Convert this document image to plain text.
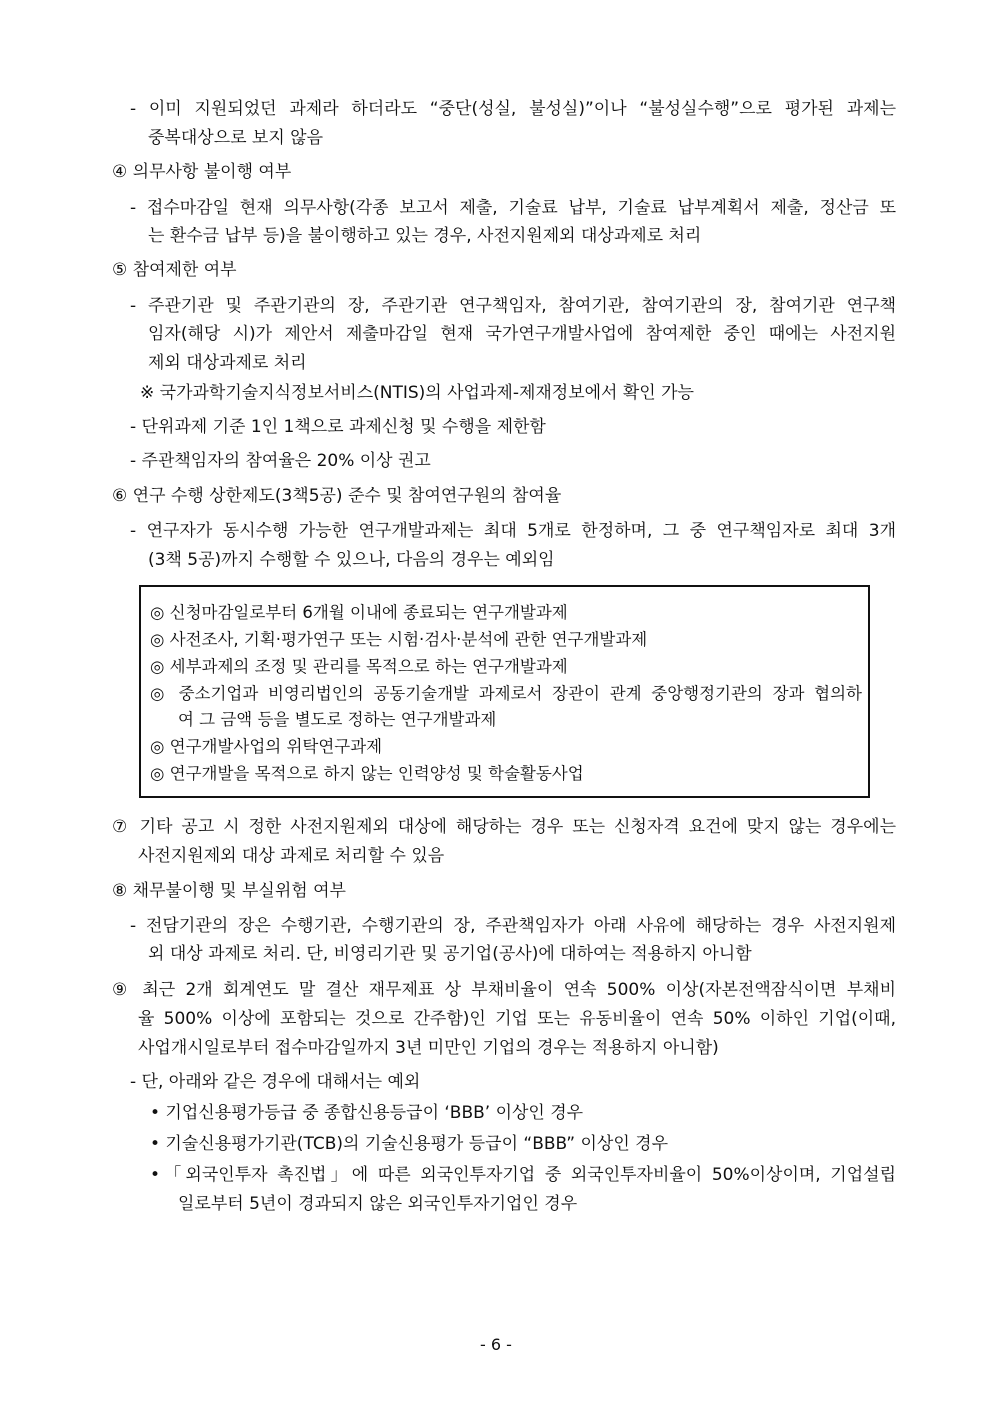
- 이미 지원되었던 과제라 하더라도 “중단(성실, 불성실)”이나 “불성실수행”으로 평가된 과제는
중복대상으로 보지 않음
④ 의무사항 불이행 여부
- 접수마감일 현재 의무사항(각종 보고서 제출, 기술료 납부, 기술료 납부계획서 제출, 정산금 또
는 환수금 납부 등)을 불이행하고 있는 경우, 사전지원제외 대상과제로 처리
⑤ 참여제한 여부
- 주관기관 및 주관기관의 장, 주관기관 연구책임자, 참여기관, 참여기관의 장, 참여기관 연구책
임자(해당 시)가 제안서 제출마감일 현재 국가연구개발사업에 참여제한 중인 때에는 사전지원
제외 대상과제로 처리
※ 국가과학기술지식정보서비스(NTIS)의 사업과제-제재정보에서 확인 가능
- 단위과제 기준 1인 1책으로 과제신청 및 수행을 제한함
- 주관책임자의 참여율은 20% 이상 권고
⑥ 연구 수행 상한제도(3책5공) 준수 및 참여연구원의 참여율
- 연구자가 동시수행 가능한 연구개발과제는 최대 5개로 한정하며, 그 중 연구책임자로 최대 3개
(3책 5공)까지 수행할 수 있으나, 다음의 경우는 예외임
◎ 신청마감일로부터 6개월 이내에 종료되는 연구개발과제
◎ 사전조사, 기획·평가연구 또는 시험·검사·분석에 관한 연구개발과제
◎ 세부과제의 조정 및 관리를 목적으로 하는 연구개발과제
◎ 중소기업과 비영리법인의 공동기술개발 과제로서 장관이 관계 중앙행정기관의 장과 협의하
여 그 금액 등을 별도로 정하는 연구개발과제
◎ 연구개발사업의 위탁연구과제
◎ 연구개발을 목적으로 하지 않는 인력양성 및 학술활동사업
⑦ 기타 공고 시 정한 사전지원제외 대상에 해당하는 경우 또는 신청자격 요건에 맞지 않는 경우에는
사전지원제외 대상 과제로 처리할 수 있음
⑧ 채무불이행 및 부실위험 여부
- 전담기관의 장은 수행기관, 수행기관의 장, 주관책임자가 아래 사유에 해당하는 경우 사전지원제
외 대상 과제로 처리. 단, 비영리기관 및 공기업(공사)에 대하여는 적용하지 아니함
⑨ 최근 2개 회계연도 말 결산 재무제표 상 부채비율이 연속 500% 이상(자본전액잠식이면 부채비
율 500% 이상에 포함되는 것으로 간주함)인 기업 또는 유동비율이 연속 50% 이하인 기업(이때,
사업개시일로부터 접수마감일까지 3년 미만인 기업의 경우는 적용하지 아니함)
- 단, 아래와 같은 경우에 대해서는 예외
• 기업신용평가등급 중 종합신용등급이 ‘BBB’ 이상인 경우
• 기술신용평가기관(TCB)의 기술신용평가 등급이 “BBB” 이상인 경우
•「외국인투자 촉진법」에 따른 외국인투자기업 중 외국인투자비율이 50%이상이며, 기업설립
일로부터 5년이 경과되지 않은 외국인투자기업인 경우
- 6 -
